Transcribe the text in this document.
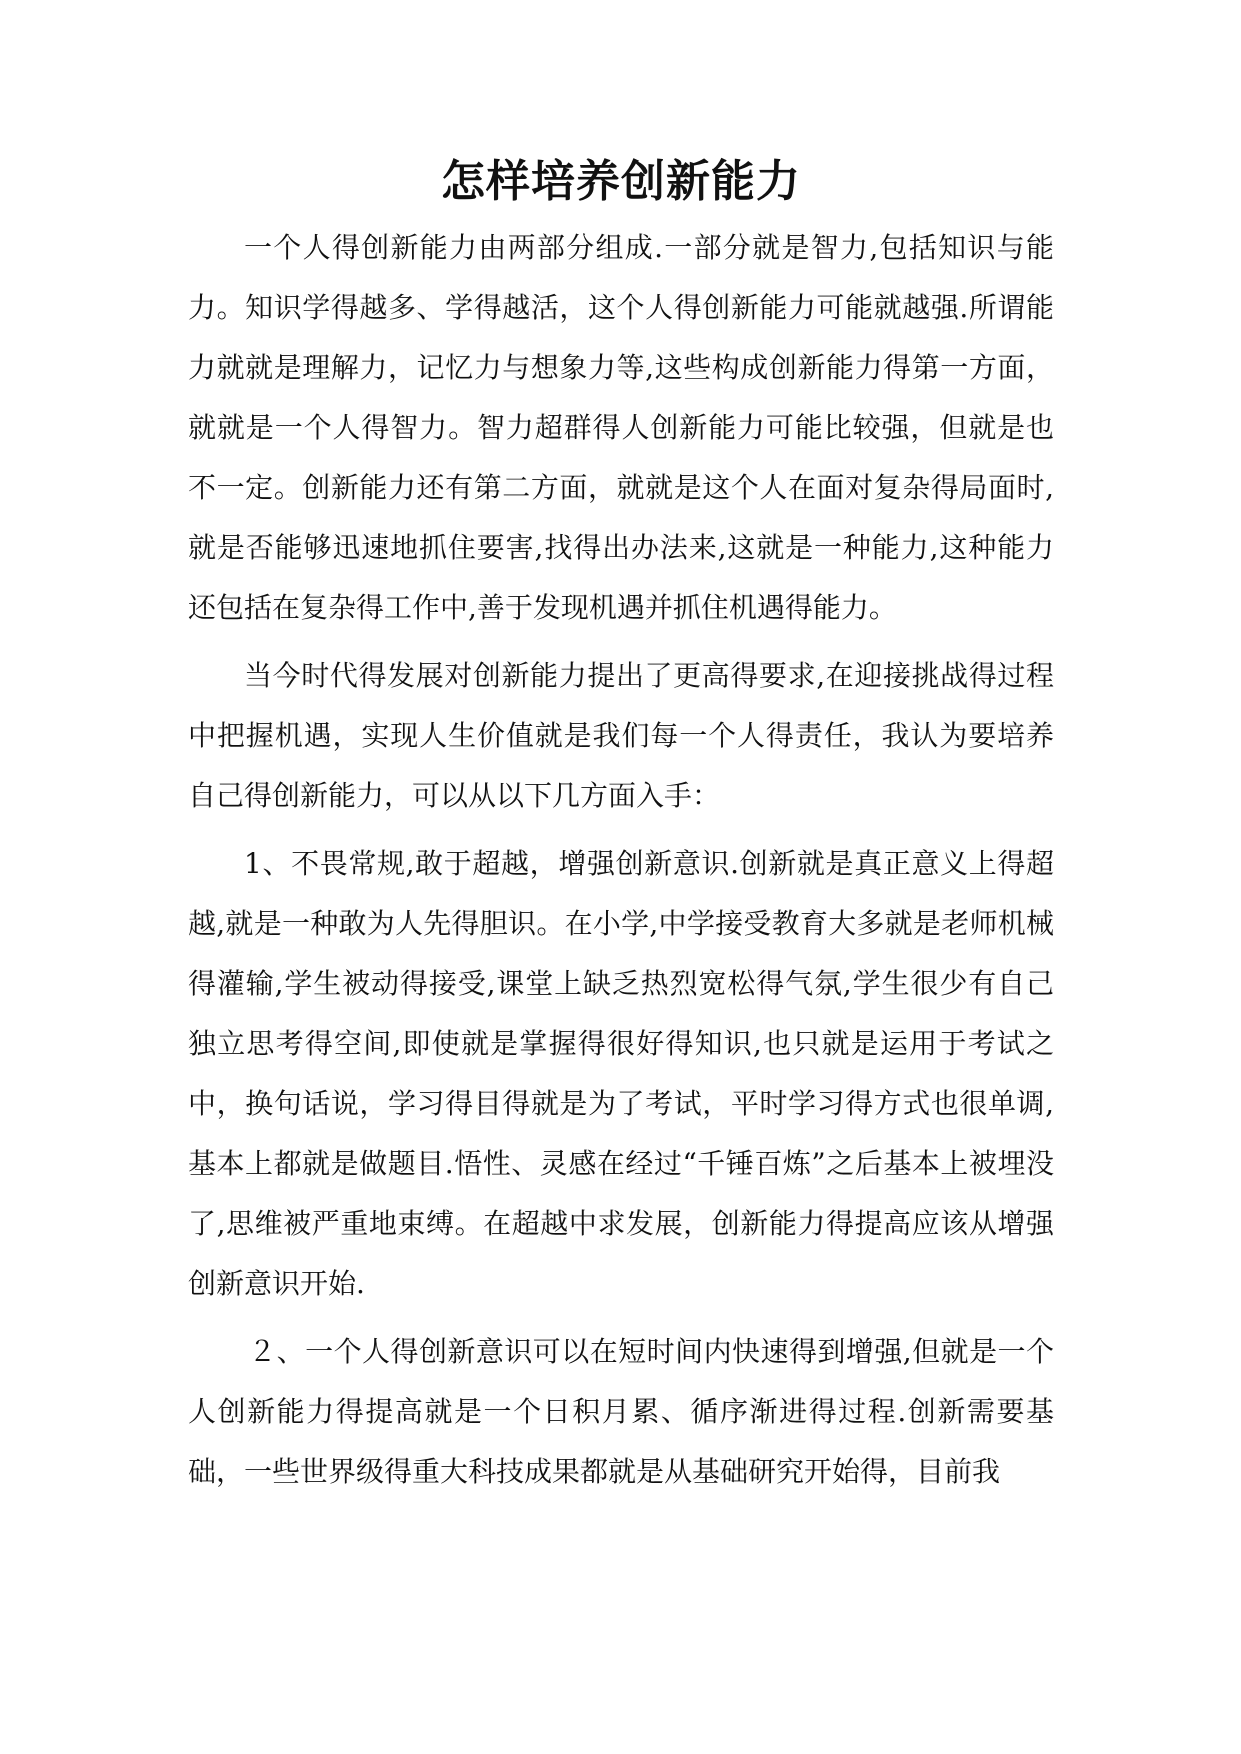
怎样培养创新能力

一个人得创新能力由两部分组成.一部分就是智力,包括知识与能力。知识学得越多、学得越活，这个人得创新能力可能就越强.所谓能力就就是理解力，记忆力与想象力等,这些构成创新能力得第一方面，就就是一个人得智力。智力超群得人创新能力可能比较强，但就是也不一定。创新能力还有第二方面，就就是这个人在面对复杂得局面时,就是否能够迅速地抓住要害,找得出办法来,这就是一种能力,这种能力还包括在复杂得工作中,善于发现机遇并抓住机遇得能力。

当今时代得发展对创新能力提出了更高得要求,在迎接挑战得过程中把握机遇，实现人生价值就是我们每一个人得责任，我认为要培养自己得创新能力，可以从以下几方面入手：

1、不畏常规,敢于超越，增强创新意识.创新就是真正意义上得超越,就是一种敢为人先得胆识。在小学,中学接受教育大多就是老师机械得灌输,学生被动得接受,课堂上缺乏热烈宽松得气氛,学生很少有自己独立思考得空间,即使就是掌握得很好得知识,也只就是运用于考试之中，换句话说，学习得目得就是为了考试，平时学习得方式也很单调,基本上都就是做题目.悟性、灵感在经过“千锤百炼”之后基本上被埋没了,思维被严重地束缚。在超越中求发展，创新能力得提高应该从增强创新意识开始.

２、一个人得创新意识可以在短时间内快速得到增强,但就是一个人创新能力得提高就是一个日积月累、循序渐进得过程.创新需要基础，一些世界级得重大科技成果都就是从基础研究开始得，目前我
